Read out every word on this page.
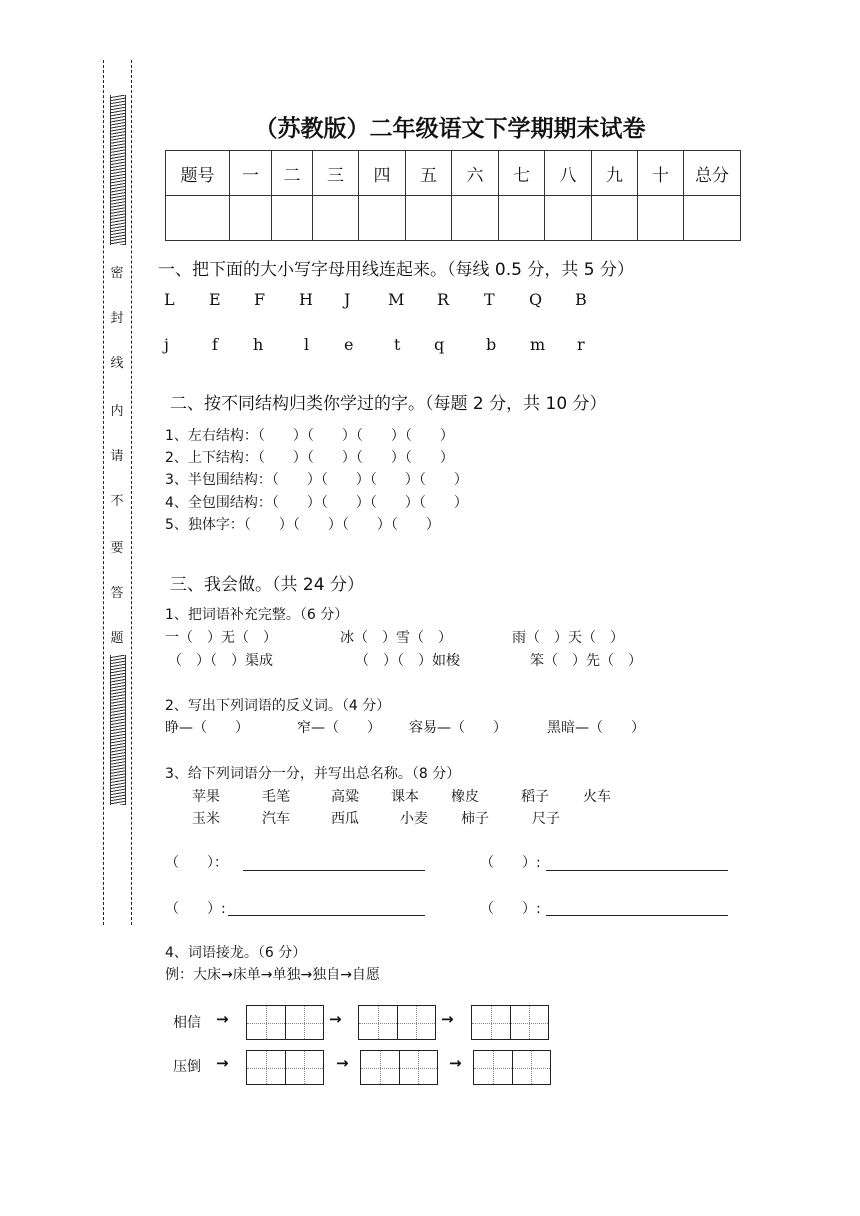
密
封
线
内
请
不
要
答
题
（苏教版）二年级语文下学期期末试卷
题号	一	二	三	四	五	六	七	八	九	十	总分

一、把下面的大小写字母用线连起来。（每线 0.5 分，共 5 分）
L E F H J M R T Q B
j	f h	l e	t q	b m r
二、按不同结构归类你学过的字。（每题 2 分，共 10 分）
1、左右结构：（　　）（　　）（　　）（　　）
2、上下结构：（　　）（　　）（　　）（　　）
3、半包围结构：（　　）（　　）（　　）（　　）
4、全包围结构：（　　）（　　）（　　）（　　）
5、独体字：（　　）（　　）（　　）（　　）
三、我会做。（共 24 分）
1、把词语补充完整。（6 分）
一（　）无（　）	冰（　）雪（　）	雨（　）天（　）
（　）（　）渠成	（　）（　）如梭	笨（　）先（　）
2、写出下列词语的反义词。（4 分）
睁—（　　）	窄—（　　） 容易—（　　）	黑暗—（　　）
3、给下列词语分一分，并写出总名称。（8 分）
苹果	毛笔	高粱 课本 橡皮	稻子 火车
玉米	汽车	西瓜	小麦 柿子	尺子
（　　）：	（　　）:
（　　）:	（　　）:
4、词语接龙。（6 分）
例：大床→床单→单独→独自→自愿
相信 →	→	→
压倒 →	→	→
